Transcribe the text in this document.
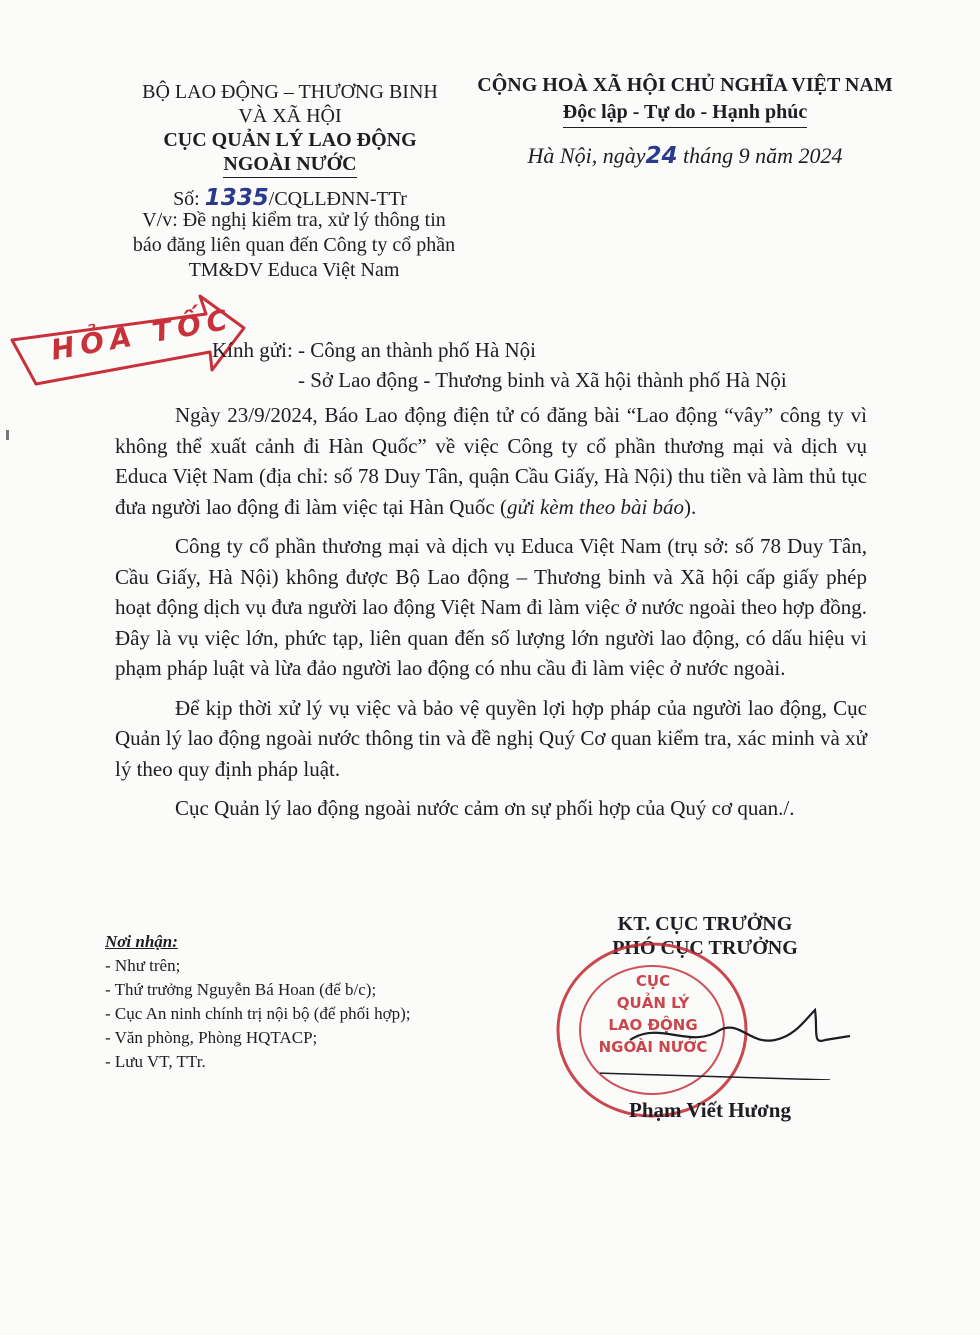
BỘ LAO ĐỘNG – THƯƠNG BINH
VÀ XÃ HỘI
CỤC QUẢN LÝ LAO ĐỘNG
NGOÀI NƯỚC
Số: 1335/CQLLĐNN-TTr
V/v: Đề nghị kiểm tra, xử lý thông tin
báo đăng liên quan đến Công ty cổ phần
TM&DV Educa Việt Nam
CỘNG HOÀ XÃ HỘI CHỦ NGHĨA VIỆT NAM
Độc lập - Tự do - Hạnh phúc
Hà Nội, ngày24 tháng 9 năm 2024
HỎA TỐC
Kính gửi: - Công an thành phố Hà Nội
- Sở Lao động - Thương binh và Xã hội thành phố Hà Nội

Ngày 23/9/2024, Báo Lao động điện tử có đăng bài “Lao động “vây” công ty vì không thể xuất cảnh đi Hàn Quốc” về việc Công ty cổ phần thương mại và dịch vụ Educa Việt Nam (địa chỉ: số 78 Duy Tân, quận Cầu Giấy, Hà Nội) thu tiền và làm thủ tục đưa người lao động đi làm việc tại Hàn Quốc (gửi kèm theo bài báo).

Công ty cổ phần thương mại và dịch vụ Educa Việt Nam (trụ sở: số 78 Duy Tân, Cầu Giấy, Hà Nội) không được Bộ Lao động – Thương binh và Xã hội cấp giấy phép hoạt động dịch vụ đưa người lao động Việt Nam đi làm việc ở nước ngoài theo hợp đồng. Đây là vụ việc lớn, phức tạp, liên quan đến số lượng lớn người lao động, có dấu hiệu vi phạm pháp luật và lừa đảo người lao động có nhu cầu đi làm việc ở nước ngoài.

Để kịp thời xử lý vụ việc và bảo vệ quyền lợi hợp pháp của người lao động, Cục Quản lý lao động ngoài nước thông tin và đề nghị Quý Cơ quan kiểm tra, xác minh và xử lý theo quy định pháp luật.

Cục Quản lý lao động ngoài nước cảm ơn sự phối hợp của Quý cơ quan./.

Nơi nhận:
- Như trên;
- Thứ trưởng Nguyễn Bá Hoan (để b/c);
- Cục An ninh chính trị nội bộ (để phối hợp);
- Văn phòng, Phòng HQTACP;
- Lưu VT, TTr.
KT. CỤC TRƯỞNG
PHÓ CỤC TRƯỞNG
CỤC
QUẢN LÝ
LAO ĐỘNG
NGOÀI NƯỚC
Phạm Viết Hương
